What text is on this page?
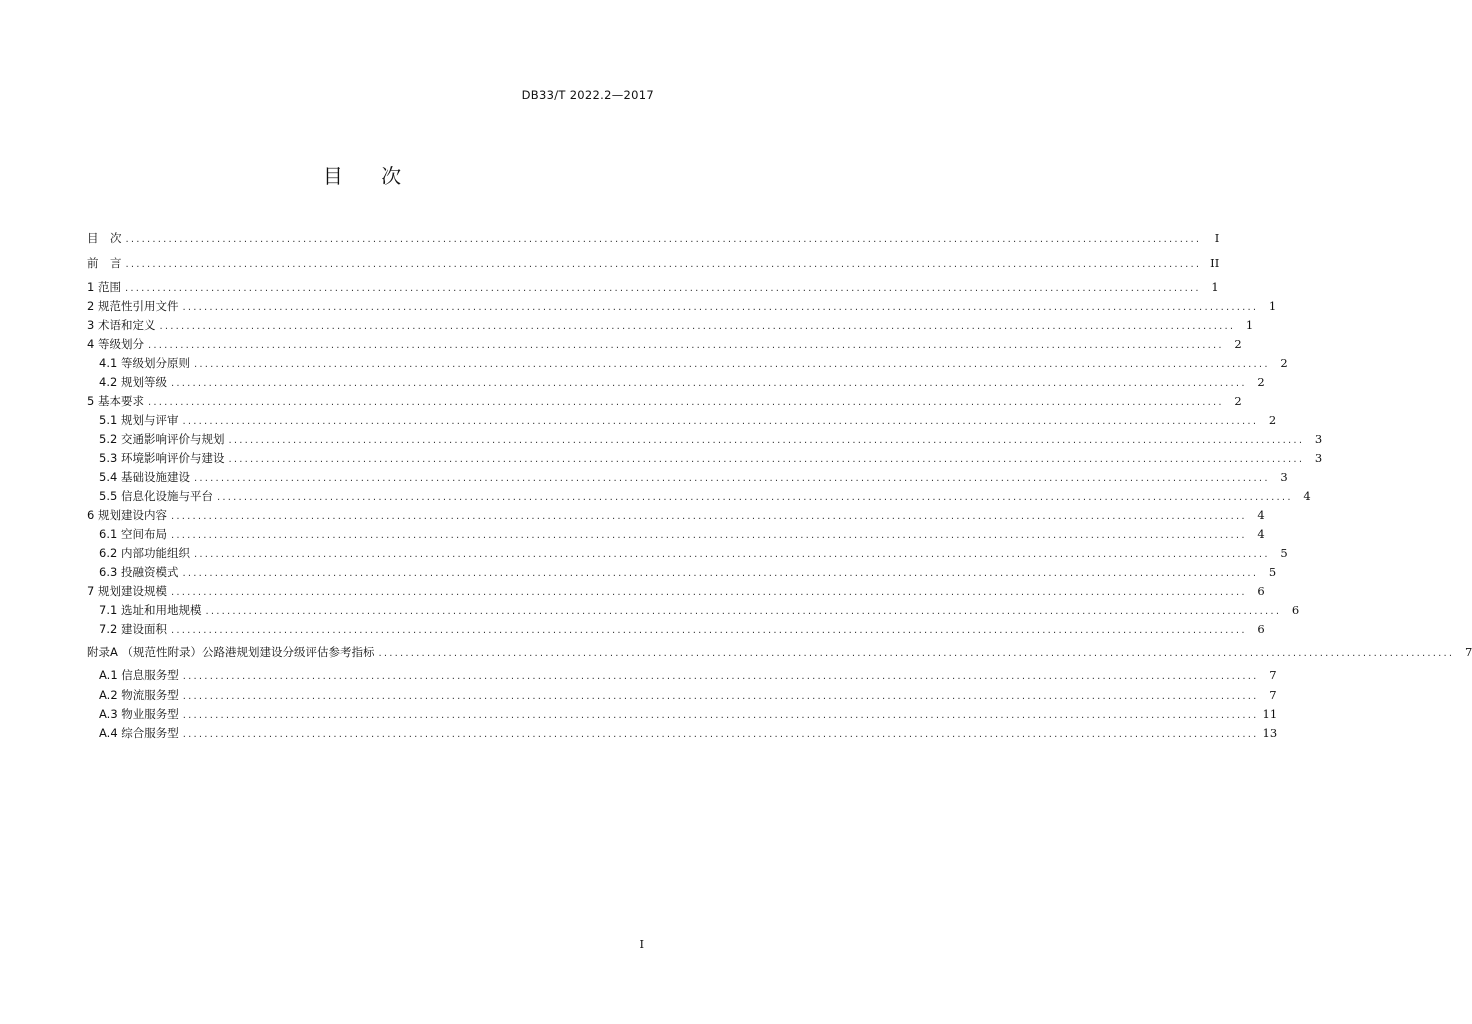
DB33/T 2022.2—2017
目 次
目　次 ........................................................................................................................................................................................................	I
前　言 ........................................................................................................................................................................................................ II
1 范围 ........................................................................................................................................................................................................ 1
2 规范性引用文件 ........................................................................................................................................................................................................ 1
3 术语和定义 ........................................................................................................................................................................................................ 1
4 等级划分 ........................................................................................................................................................................................................ 2
4.1 等级划分原则 ........................................................................................................................................................................................................ 2
4.2 规划等级 ........................................................................................................................................................................................................ 2
5 基本要求 ........................................................................................................................................................................................................ 2
5.1 规划与评审 ........................................................................................................................................................................................................ 2
5.2 交通影响评价与规划 ........................................................................................................................................................................................................ 3
5.3 环境影响评价与建设 ........................................................................................................................................................................................................ 3
5.4 基础设施建设 ........................................................................................................................................................................................................ 3
5.5 信息化设施与平台 ........................................................................................................................................................................................................ 4
6 规划建设内容 ........................................................................................................................................................................................................ 4
6.1 空间布局 ........................................................................................................................................................................................................ 4
6.2 内部功能组织 ........................................................................................................................................................................................................ 5
6.3 投融资模式 ........................................................................................................................................................................................................ 5
7 规划建设规模 ........................................................................................................................................................................................................ 6
7.1 选址和用地规模 ........................................................................................................................................................................................................ 6
7.2 建设面积 ........................................................................................................................................................................................................ 6
附录A （规范性附录）公路港规划建设分级评估参考指标 ........................................................................................................................................................................................................ 7
A.1 信息服务型 ........................................................................................................................................................................................................ 7
A.2 物流服务型 ........................................................................................................................................................................................................ 7
A.3 物业服务型 ........................................................................................................................................................................................................ 11
A.4 综合服务型 ........................................................................................................................................................................................................ 13
I
